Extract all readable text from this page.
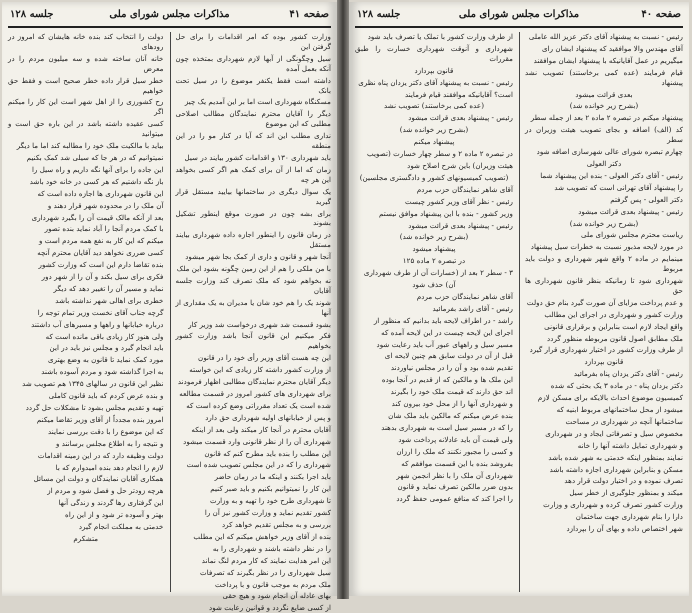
صفحه ۴۱
مذاکرات مجلس شورای ملی
جلسه ۱۲۸

وزارت کشور بوده که امر اقدامات را برای حل گرفتن این

سیل وچگونگی از آبها لازم شهرداری بمتخذه چون آنکه بعمل آمده

داشته است فقط یکنفر موضوع را در سیل تحت بانک

مسکنگاه شهرداری است اما بر این آمدیم یک چیز

دیگر را آقایان محترم نمایندگان مطالب اصلاحی مطلبی که این موضوع

نداری مطلب این اند که آیا در کنار مو را در این منطقه

باید شهرداری ۱۳۰ و اقدامات کشور بیایند در سیل

زمان که اما از آن برای کمک هم اگر کسی بخواهد این هر چه

یک سوال دیگری در ساختمانها بیایید مستقل قرار گیرید

برای بشه چون در صورت موقع اینطور تشکیل بشوند

در زمان قانون را اینطور اجازه داده شهرداری بیایند مستقل

آنجا شهر و قانون و داری از کمک بجا شهر میشود

با من ملکی را هم از این زمین چگونه بشود این ملک

نه بخواهم شود که ملک تصرف کند وزارت جلسه آقایان

شوند یک را هم خود شان یا مدیران به یک مقداری از آنها

بشود قسمت شد شهری درخواست شد وزیر کار

فکر میکنیم این قانون آنجا باشد وزارت کشور بخواهیم

این چه هست آقای وزیر رأی خود را در قانون

از وزارت کشور داشته کار زیادی که این خواسته

دیگر آقایان محترم نمایندگان مطالبی اظهار فرمودند

برای شهرداری های کشور امروز در قسمت مطالعه

شده است یک تعداد مقرراتی وضع کرده است که

و پس از خیابانهای اولیه شهرداری حق دارد

آقایان محترم در آنجا کار میکند ولی بعد از اینکه

شهرداری آن را از نظر قانونی وارد قسمت میشود

این مطلب را بنده باید مطرح کنم که قانون

شهرداری را که در این مجلس تصویب شده است

باید اجرا بکنند و اینکه ما در زمان حاضر

این کار را نمیتوانیم بکنیم و باید صبر کنیم

تا شهرداری طرح خود را تهیه و به وزارت

کشور تقدیم نماید و وزارت کشور نیز آن را

بررسی و به مجلس تقدیم خواهد کرد

بنده از آقای وزیر خواهش میکنم که این مطلب

را در نظر داشته باشند و شهرداری را به

این امر هدایت نمایند که کار مردم لنگ نماند

سیل شهرداری را در نظر بگیرند که تصرفات

ملک مردم به موجب قانون و با پرداخت

بهای عادله آن انجام شود و هیچ حقی

از کسی ضایع نگردد و قوانین رعایت شود

دولت را انتخاب کند بنده خانه هایشان که امروز در رودهای

خانه آنان ساخته شده و سه میلیون مردم را در معرض

خطر سیل قرار داده خطر صحیح است و فقط حق خواهیم

رح کشورزی را از اهل شهر است این کار را میکنم اگر

کسی عقیده داشته باشد در این باره حق است و میتوانید

بیاید با مالکیت ملک خود را مطالبه کند اما ما دیگر

نمیتوانیم که در هر جا که سیلی شد کمک بکنیم

این جاده را برای آنها نگه داریم و راه سیل را

باز نگه داشتیم که هر کسی در خانه خود باشد

این قانون شهرداری ها اجازه داده است که

آن ملک را در محدوده شهر قرار دهند و

بعد از آنکه مالک قیمت آن را بگیرد شهرداری

با کمک مردم آنجا را آباد نماید بنده تصور

میکنم که این کار به نفع همه مردم است و

کسی ضرری نخواهد دید آقایان محترم آنچه

بنده تقاضا دارم این است که وزارت کشور

فکری برای سیل بکند و آن را از شهر دور

نماید و مسیر آن را تغییر دهد که دیگر

خطری برای اهالی شهر نداشته باشد

گرچه جناب آقای نخست وزیر تمام توجه را

درباره خیابانها و راهها و مسیرهای آب داشتند

ولی هنوز کار زیادی باقی مانده است که

باید انجام گیرد و مجلس نیز باید در این

مورد کمک نماید تا قانون به وضع بهتری

به اجرا گذاشته شود و مردم آسوده باشند

نظیر این قانون در سالهای ۱۳۴۵ هم تصویب شد

و بنده عرض کردم که باید قانون کاملی

تهیه و تقدیم مجلس بشود تا مشکلات حل گردد

امروز بنده مجدداً از آقای وزیر تقاضا میکنم

که این موضوع را با دقت بررسی نمایند

و نتیجه را به اطلاع مجلس برسانند و

دولت وظیفه دارد که در این زمینه اقدامات

لازم را انجام دهد بنده امیدوارم که با

همکاری آقایان نمایندگان و دولت این مسائل

هرچه زودتر حل و فصل شود و مردم از

این گرفتاری رها گردند و زندگی آنها

بهتر و آسوده تر شود و از این راه

خدمتی به مملکت انجام گیرد

متشکرم

جلسه ۱۲۸	مذاکرات مجلس شورای ملی	صفحه ۴۰

رئیس - نسبت به پیشنهاد آقای دکتر عزیز الله عاملی

آقای مهندس والا موافقید که پیشنهاد ایشان رای

میگیریم در عمل آقایانیکه با پیشنهاد ایشان موافقند

قیام فرمایند (عده کمی برخاستند) تصویب نشد پیشنهاد

بعدی قرائت میشود

(بشرح زیر خوانده شد)

پیشنهاد میکنم در تبصره ۲ ماده ۲ بعد از جمله سطر

کد (الف) اضافه و بجای تصویب هیئت وزیران در سطر

چهارم تبصره شورای عالی شهرسازی اضافه شود

دکتر العولی

رئیس - آقای دکتر العولی - بنده این پیشنهاد شما

را پیشنهاد آقای تهرانی است که تصویب شد

دکتر العولی - پس گرفتم

رئیس - پیشنهاد بعدی قرائت میشود

(بشرح زیر خوانده شد)

ریاست محترم مجلس شورای ملی

در مورد لایحه مذبور نسبت به خطرات سیل پیشنهاد

مینمایم در ماده ۲ واقع شهر شهرداری و دولت باید مربوط

شهرداری شود تا زمانیکه بنظر قانون شهرداری ها حق

و عدم پرداخت مزایای آن صورت گیرد بنام حق دولت

وزارت کشور و شهرداری در اجرای این مطالب

واقع ایجاد لازم است بنابراین و برقراری قانونی

ملک مطابق اصول قانون مربوطه منظور گردد

از طرف وزارت کشور در اختیار شهرداری قرار گیرد

قانون بپردازد

رئیس - آقای دکتر یزدان پناه بفرمائید

دکتر یزدان پناه - در ماده ۳ یک بحثی که شده

کمیسیون موضوع احداث بالایکه برای مسکن لازم

میشود از محل ساختمانهای مربوط ابنیه که

ساختمانها آنچه در شهرداری در مساحت

مخصوص سیل و تصرفاتی ایجاد و در شهرداری

و شهرداری تمایل داشته آنها را خانه

نمایند بمنظور اینکه خدمتی به شهر شده باشد

مسکن و بنابراین شهرداری اجازه داشته باشد

تصرف نموده و در اختیار دولت قرار دهد

میکند و بمنظور جلوگیری از خطر سیل

وزارت کشور تصرف کرده و شهرداری و وزارت

دارا را بنام شهرداری جهت ساختمان

شهر اختصاص داده و بهای آن را بپردازد

از طرف وزارت کشور با تملک یا تصرف باید شود

شهرداری و آنوقت شهرداری خسارت را طبق مقررات

قانون بپردازد

رئیس - نسبت به پیشنهاد آقای دکتر یزدان پناه نظری

است؟ آقایانیکه موافقند قیام فرمایند

(عده کمی برخاستند) تصویب نشد

رئیس - پیشنهاد بعدی قرائت میشود

(بشرح زیر خوانده شد)

پیشنهاد میکنم

در تبصره ۲ ماده ۲ و سطر چهار خسارت (تصویب

هیئت وزیران) باین شرح اصلاح شود

(تصویب کمیسیونهای کشور و دادگستری مجلسین)

آقای شاهر نمایندگان حزب مردم

رئیس - نظر آقای وزیر کشور چیست

وزیر کشور - بنده با این پیشنهاد موافق نیستم

رئیس - پیشنهاد بعدی قرائت میشود

(بشرح زیر خوانده شد)

پیشنهاد میشود

در تبصره ۲ ماده ۱۲۵

۳ - سطر ۲ بعد از (خسارات آن از طرف شهرداری

آن) حذف شود

آقای شاهر نمایندگان حزب مردم

رئیس - آقای راشد بفرمائید

راشد - در اطراف لایحه باید بدانیم که منظور از

اجرای این لایحه چیست در این لایحه آمده که

مسیر سیل و راههای عبور آب باید رعایت شود

قبل از آن در دولت سابق هم چنین لایحه ای

تقدیم شده بود و آن را در مجلس نیاوردند

این ملک ها و مالکین که از قدیم در آنجا بوده

اند حق دارند که قیمت ملک خود را بگیرند

و شهرداری آنها را از محل خود بیرون کند

بنده عرض میکنم که مالکین باید ملک شان

را که در مسیر سیل است به شهرداری بدهند

ولی قیمت آن باید عادلانه پرداخت شود

و کسی را مجبور نکنند که ملک را ارزان

بفروشد بنده با این قسمت موافقم که

شهرداری آن ملک را با نظر انجمن شهر

بدون ضرر مالکین تصرف نماید و قانون

را اجرا کند که منافع عمومی حفظ گردد
